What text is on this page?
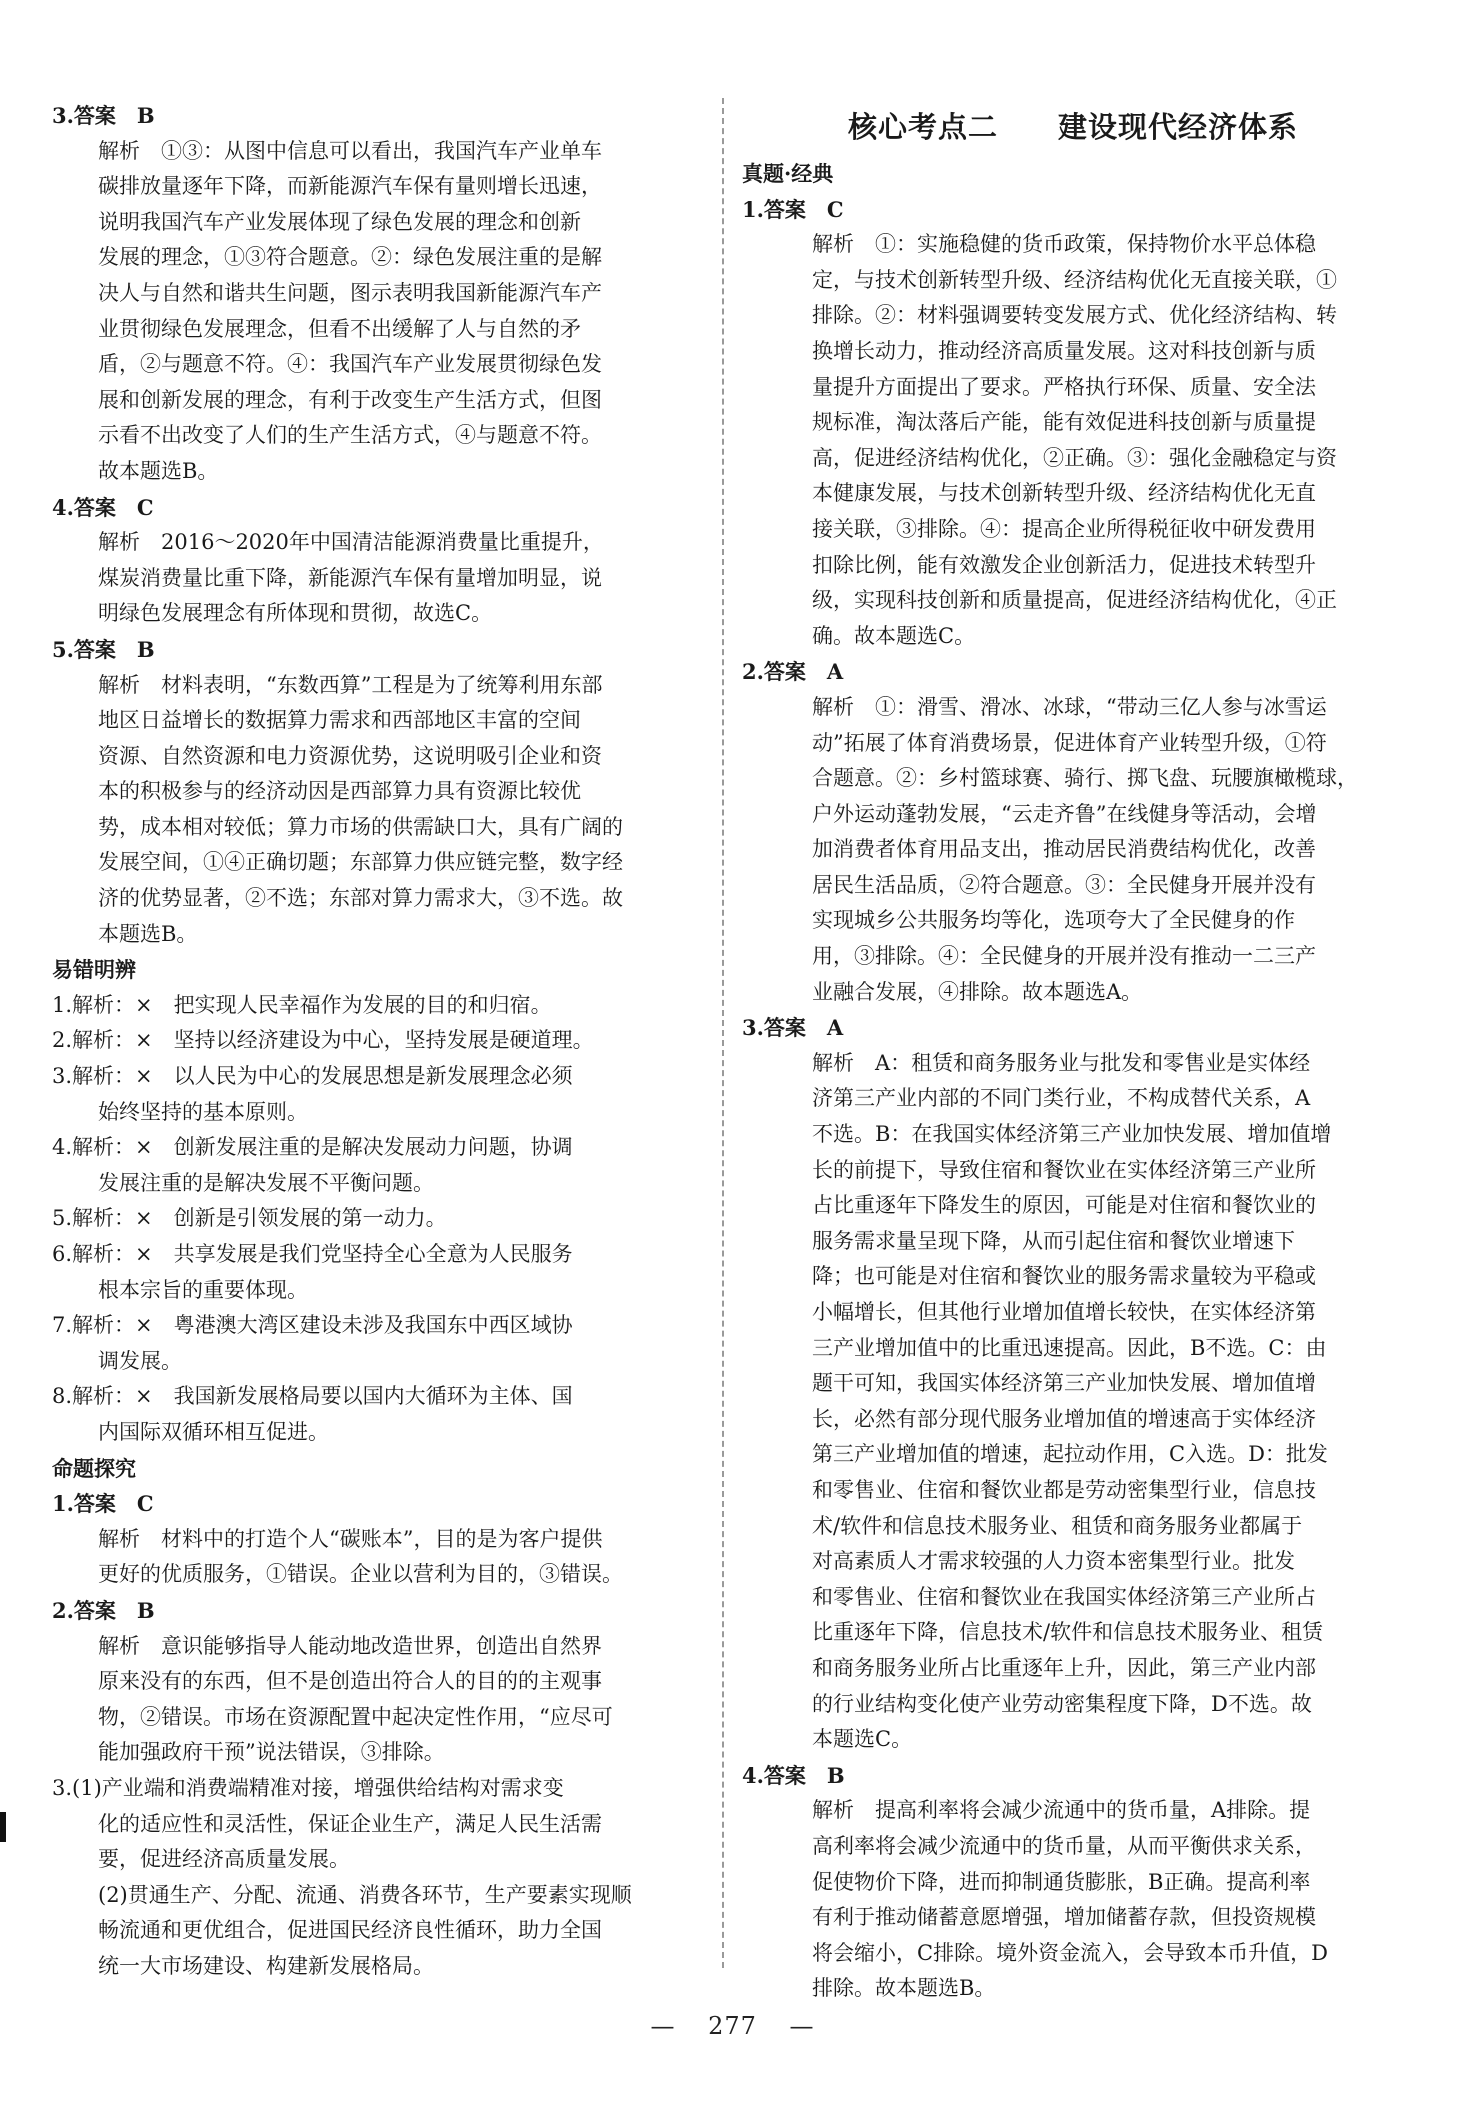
3.答案　B
解析　①③：从图中信息可以看出，我国汽车产业单车
碳排放量逐年下降，而新能源汽车保有量则增长迅速，
说明我国汽车产业发展体现了绿色发展的理念和创新
发展的理念，①③符合题意。②：绿色发展注重的是解
决人与自然和谐共生问题，图示表明我国新能源汽车产
业贯彻绿色发展理念，但看不出缓解了人与自然的矛
盾，②与题意不符。④：我国汽车产业发展贯彻绿色发
展和创新发展的理念，有利于改变生产生活方式，但图
示看不出改变了人们的生产生活方式，④与题意不符。
故本题选B。
4.答案　C
解析　2016～2020年中国清洁能源消费量比重提升，
煤炭消费量比重下降，新能源汽车保有量增加明显，说
明绿色发展理念有所体现和贯彻，故选C。
5.答案　B
解析　材料表明，“东数西算”工程是为了统筹利用东部
地区日益增长的数据算力需求和西部地区丰富的空间
资源、自然资源和电力资源优势，这说明吸引企业和资
本的积极参与的经济动因是西部算力具有资源比较优
势，成本相对较低；算力市场的供需缺口大，具有广阔的
发展空间，①④正确切题；东部算力供应链完整，数字经
济的优势显著，②不选；东部对算力需求大，③不选。故
本题选B。
易错明辨
1.解析：×　把实现人民幸福作为发展的目的和归宿。
2.解析：×　坚持以经济建设为中心，坚持发展是硬道理。
3.解析：×　以人民为中心的发展思想是新发展理念必须
始终坚持的基本原则。
4.解析：×　创新发展注重的是解决发展动力问题，协调
发展注重的是解决发展不平衡问题。
5.解析：×　创新是引领发展的第一动力。
6.解析：×　共享发展是我们党坚持全心全意为人民服务
根本宗旨的重要体现。
7.解析：×　粤港澳大湾区建设未涉及我国东中西区域协
调发展。
8.解析：×　我国新发展格局要以国内大循环为主体、国
内国际双循环相互促进。
命题探究
1.答案　C
解析　材料中的打造个人“碳账本”，目的是为客户提供
更好的优质服务，①错误。企业以营利为目的，③错误。
2.答案　B
解析　意识能够指导人能动地改造世界，创造出自然界
原来没有的东西，但不是创造出符合人的目的的主观事
物，②错误。市场在资源配置中起决定性作用，“应尽可
能加强政府干预”说法错误，③排除。
3.(1)产业端和消费端精准对接，增强供给结构对需求变
化的适应性和灵活性，保证企业生产，满足人民生活需
要，促进经济高质量发展。
(2)贯通生产、分配、流通、消费各环节，生产要素实现顺
畅流通和更优组合，促进国民经济良性循环，助力全国
统一大市场建设、构建新发展格局。
核心考点二　　建设现代经济体系
真题·经典
1.答案　C
解析　①：实施稳健的货币政策，保持物价水平总体稳
定，与技术创新转型升级、经济结构优化无直接关联，①
排除。②：材料强调要转变发展方式、优化经济结构、转
换增长动力，推动经济高质量发展。这对科技创新与质
量提升方面提出了要求。严格执行环保、质量、安全法
规标准，淘汰落后产能，能有效促进科技创新与质量提
高，促进经济结构优化，②正确。③：强化金融稳定与资
本健康发展，与技术创新转型升级、经济结构优化无直
接关联，③排除。④：提高企业所得税征收中研发费用
扣除比例，能有效激发企业创新活力，促进技术转型升
级，实现科技创新和质量提高，促进经济结构优化，④正
确。故本题选C。
2.答案　A
解析　①：滑雪、滑冰、冰球，“带动三亿人参与冰雪运
动”拓展了体育消费场景，促进体育产业转型升级，①符
合题意。②：乡村篮球赛、骑行、掷飞盘、玩腰旗橄榄球，
户外运动蓬勃发展，“云走齐鲁”在线健身等活动，会增
加消费者体育用品支出，推动居民消费结构优化，改善
居民生活品质，②符合题意。③：全民健身开展并没有
实现城乡公共服务均等化，选项夸大了全民健身的作
用，③排除。④：全民健身的开展并没有推动一二三产
业融合发展，④排除。故本题选A。
3.答案　A
解析　A：租赁和商务服务业与批发和零售业是实体经
济第三产业内部的不同门类行业，不构成替代关系，A
不选。B：在我国实体经济第三产业加快发展、增加值增
长的前提下，导致住宿和餐饮业在实体经济第三产业所
占比重逐年下降发生的原因，可能是对住宿和餐饮业的
服务需求量呈现下降，从而引起住宿和餐饮业增速下
降；也可能是对住宿和餐饮业的服务需求量较为平稳或
小幅增长，但其他行业增加值增长较快，在实体经济第
三产业增加值中的比重迅速提高。因此，B不选。C：由
题干可知，我国实体经济第三产业加快发展、增加值增
长，必然有部分现代服务业增加值的增速高于实体经济
第三产业增加值的增速，起拉动作用，C入选。D：批发
和零售业、住宿和餐饮业都是劳动密集型行业，信息技
术/软件和信息技术服务业、租赁和商务服务业都属于
对高素质人才需求较强的人力资本密集型行业。批发
和零售业、住宿和餐饮业在我国实体经济第三产业所占
比重逐年下降，信息技术/软件和信息技术服务业、租赁
和商务服务业所占比重逐年上升，因此，第三产业内部
的行业结构变化使产业劳动密集程度下降，D不选。故
本题选C。
4.答案　B
解析　提高利率将会减少流通中的货币量，A排除。提
高利率将会减少流通中的货币量，从而平衡供求关系，
促使物价下降，进而抑制通货膨胀，B正确。提高利率
有利于推动储蓄意愿增强，增加储蓄存款，但投资规模
将会缩小，C排除。境外资金流入，会导致本币升值，D
排除。故本题选B。
— 277 —
